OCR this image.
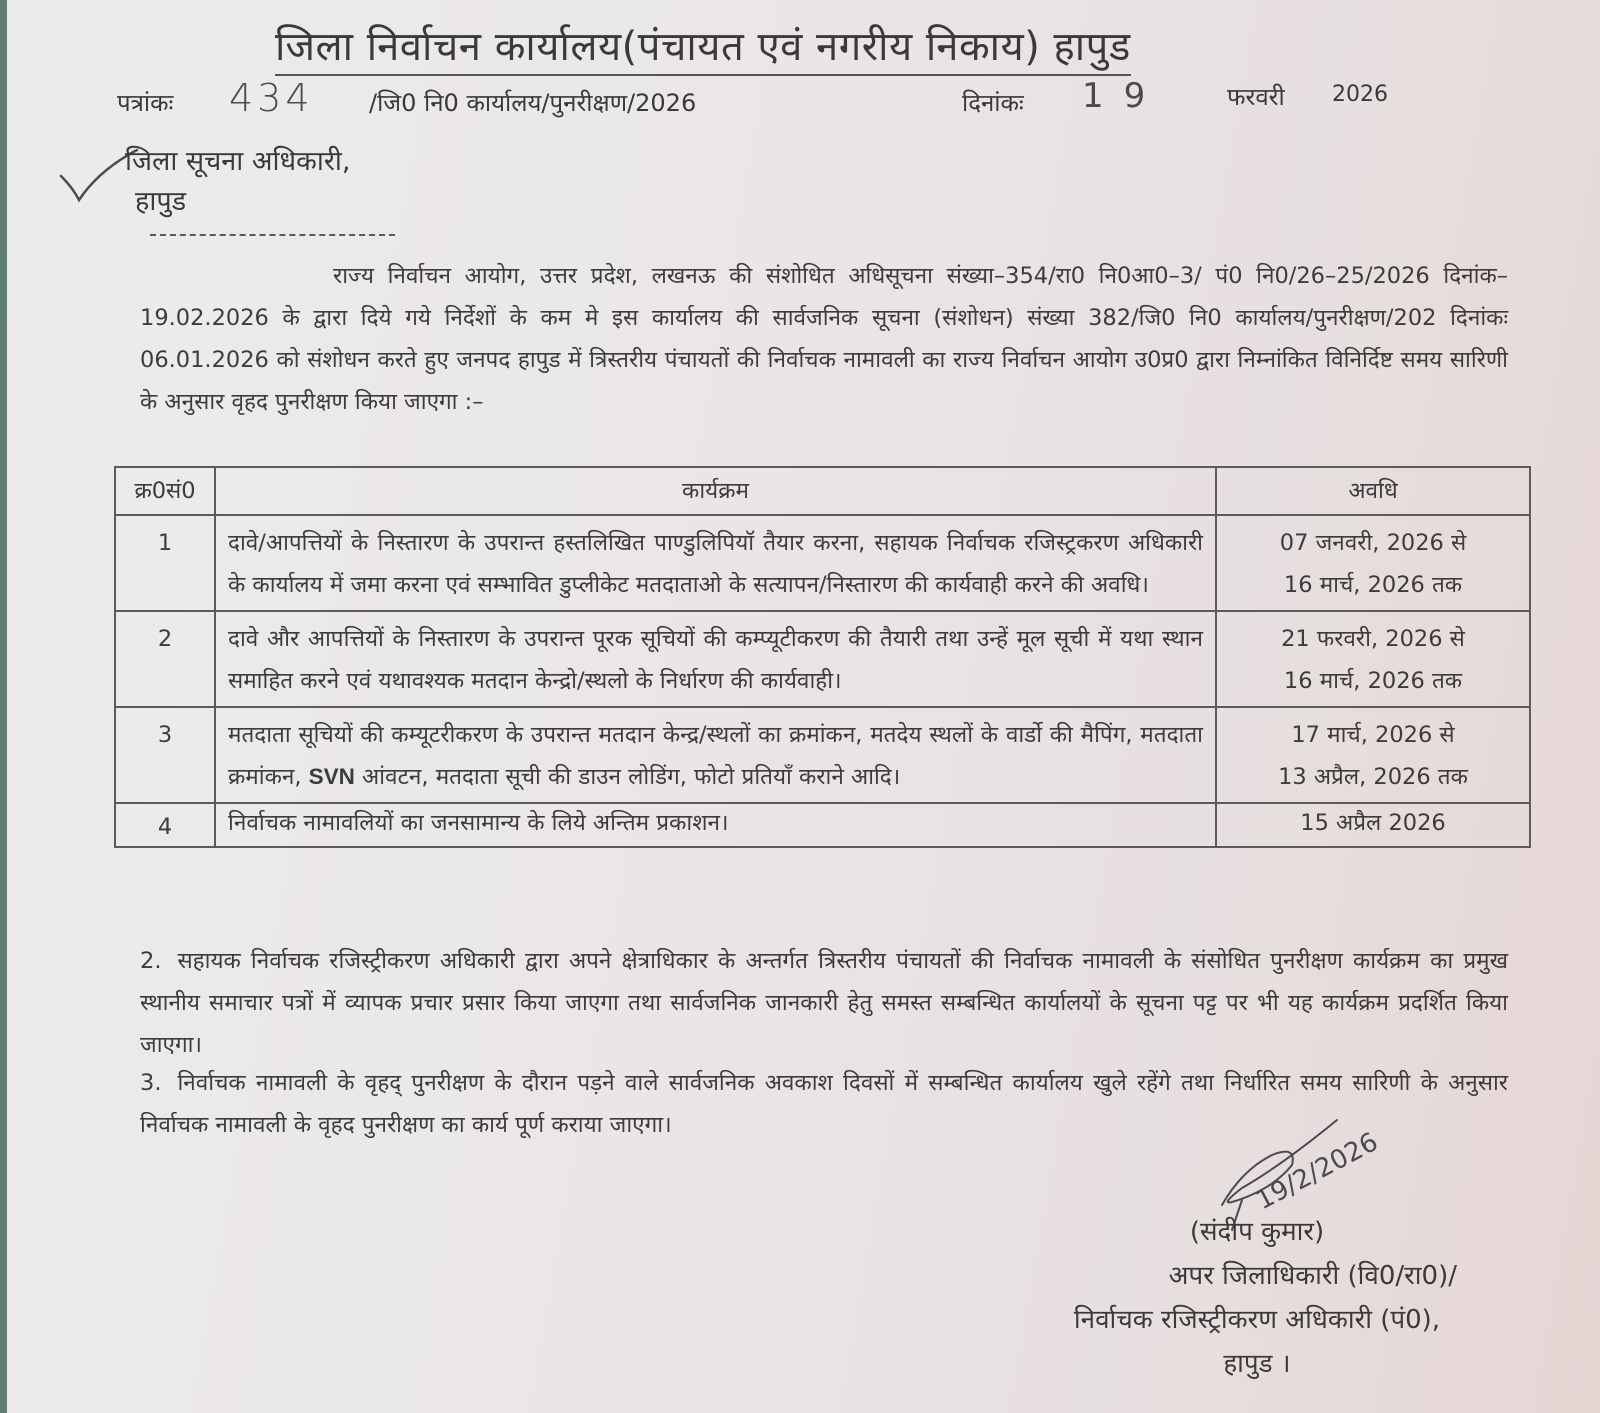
जिला निर्वाचन कार्यालय(पंचायत एवं नगरीय निकाय) हापुड
पत्रांकः 434 /जि0 नि0 कार्यालय/पुनरीक्षण/2026	दिनांकः 19	फरवरी 2026
जिला सूचना अधिकारी,
हापुड

राज्य निर्वाचन आयोग, उत्तर प्रदेश, लखनऊ की संशोधित अधिसूचना संख्या–354/रा0 नि0आ0–3/ पं0 नि0/26–25/2026 दिनांक–19.02.2026 के द्वारा दिये गये निर्देशों के कम मे इस कार्यालय की सार्वजनिक सूचना (संशोधन) संख्या 382/जि0 नि0 कार्यालय/पुनरीक्षण/202 दिनांकः 06.01.2026 को संशोधन करते हुए जनपद हापुड में त्रिस्तरीय पंचायतों की निर्वाचक नामावली का राज्य निर्वाचन आयोग उ0प्र0 द्वारा निम्नांकित विनिर्दिष्ट समय सारिणी के अनुसार वृहद पुनरीक्षण किया जाएगा :–

क्र0सं0	कार्यक्रम	अवधि
1	दावे/आपत्तियों के निस्तारण के उपरान्त हस्तलिखित पाण्डुलिपियॉ तैयार करना, सहायक निर्वाचक रजिस्ट्रकरण अधिकारी के कार्यालय में जमा करना एवं सम्भावित डुप्लीकेट मतदाताओ के सत्यापन/निस्तारण की कार्यवाही करने की अवधि।	07 जनवरी, 2026 से
16 मार्च, 2026 तक

2	दावे और आपत्तियों के निस्तारण के उपरान्त पूरक सूचियों की कम्प्यूटीकरण की तैयारी तथा उन्हें मूल सूची में यथा स्थान समाहित करने एवं यथावश्यक मतदान केन्द्रो/स्थलो के निर्धारण की कार्यवाही।	21 फरवरी, 2026 से
16 मार्च, 2026 तक

3	मतदाता सूचियों की कम्यूटरीकरण के उपरान्त मतदान केन्द्र/स्थलों का क्रमांकन, मतदेय स्थलों के वार्डो की मैपिंग, मतदाता क्रमांकन, SVN आंवटन, मतदाता सूची की डाउन लोडिंग, फोटो प्रतियॉं कराने आदि।	17 मार्च, 2026 से
13 अप्रैल, 2026 तक

4	निर्वाचक नामावलियों का जनसामान्य के लिये अन्तिम प्रकाशन।	15 अप्रैल 2026

2. सहायक निर्वाचक रजिस्ट्रीकरण अधिकारी द्वारा अपने क्षेत्राधिकार के अन्तर्गत त्रिस्तरीय पंचायतों की निर्वाचक नामावली के संसोधित पुनरीक्षण कार्यक्रम का प्रमुख स्थानीय समाचार पत्रों में व्यापक प्रचार प्रसार किया जाएगा तथा सार्वजनिक जानकारी हेतु समस्त सम्बन्धित कार्यालयों के सूचना पट्ट पर भी यह कार्यक्रम प्रदर्शित किया जाएगा।

3. निर्वाचक नामावली के वृहद् पुनरीक्षण के दौरान पड़ने वाले सार्वजनिक अवकाश दिवसों में सम्बन्धित कार्यालय खुले रहेंगे तथा निर्धारित समय सारिणी के अनुसार निर्वाचक नामावली के वृहद पुनरीक्षण का कार्य पूर्ण कराया जाएगा।

19/2/2026
(संदीप कुमार)
अपर जिलाधिकारी (वि0/रा0)/
निर्वाचक रजिस्ट्रीकरण अधिकारी (पं0),
हापुड ।
